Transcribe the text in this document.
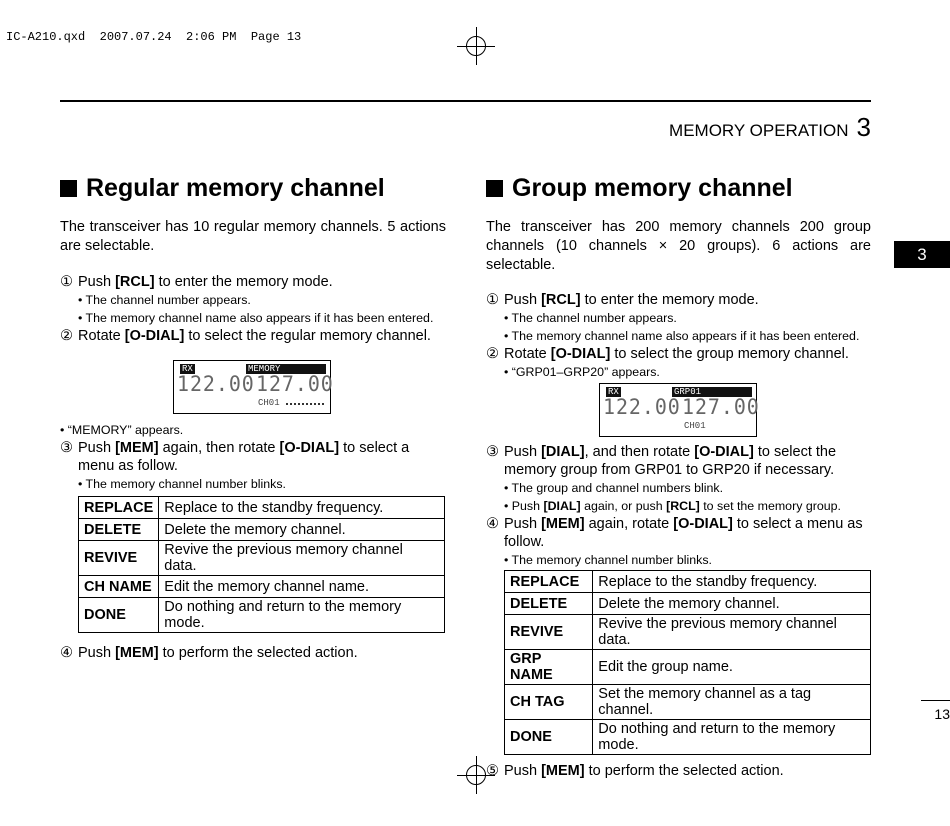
IC-A210.qxd  2007.07.24  2:06 PM  Page 13
MEMORY OPERATION 3
3
13
Regular memory channel

The transceiver has 10 regular memory channels. 5 actions are selectable.

① Push [RCL] to enter the memory mode.

• The channel number appears.

• The memory channel name also appears if it has been entered.

② Rotate [O-DIAL] to select the regular memory channel.
RX	MEMORY
122.00 127.00
CH01

• “MEMORY” appears.

③ Push [MEM] again, then rotate [O-DIAL] to select a menu as follow.

• The memory channel number blinks.

REPLACE	Replace to the standby frequency.
DELETE	Delete the memory channel.
REVIVE	Revive the previous memory channel data.
CH NAME	Edit the memory channel name.
DONE	Do nothing and return to the memory mode.
④ Push [MEM] to perform the selected action.
Group memory channel

The transceiver has 200 memory channels 200 group channels (10 channels × 20 groups). 6 actions are selectable.

① Push [RCL] to enter the memory mode.

• The channel number appears.

• The memory channel name also appears if it has been entered.

② Rotate [O-DIAL] to select the group memory channel.

• “GRP01–GRP20” appears.

RX	GRP01
122.00 127.00
CH01
③ Push [DIAL], and then rotate [O-DIAL] to select the memory group from GRP01 to GRP20 if necessary.

• The group and channel numbers blink.

• Push [DIAL] again, or push [RCL] to set the memory group.

④ Push [MEM] again, rotate [O-DIAL] to select a menu as follow.

• The memory channel number blinks.

REPLACE	Replace to the standby frequency.
DELETE	Delete the memory channel.
REVIVE	Revive the previous memory channel data.
GRP NAME	Edit the group name.
CH TAG	Set the memory channel as a tag channel.
DONE	Do nothing and return to the memory mode.
⑤ Push [MEM] to perform the selected action.
